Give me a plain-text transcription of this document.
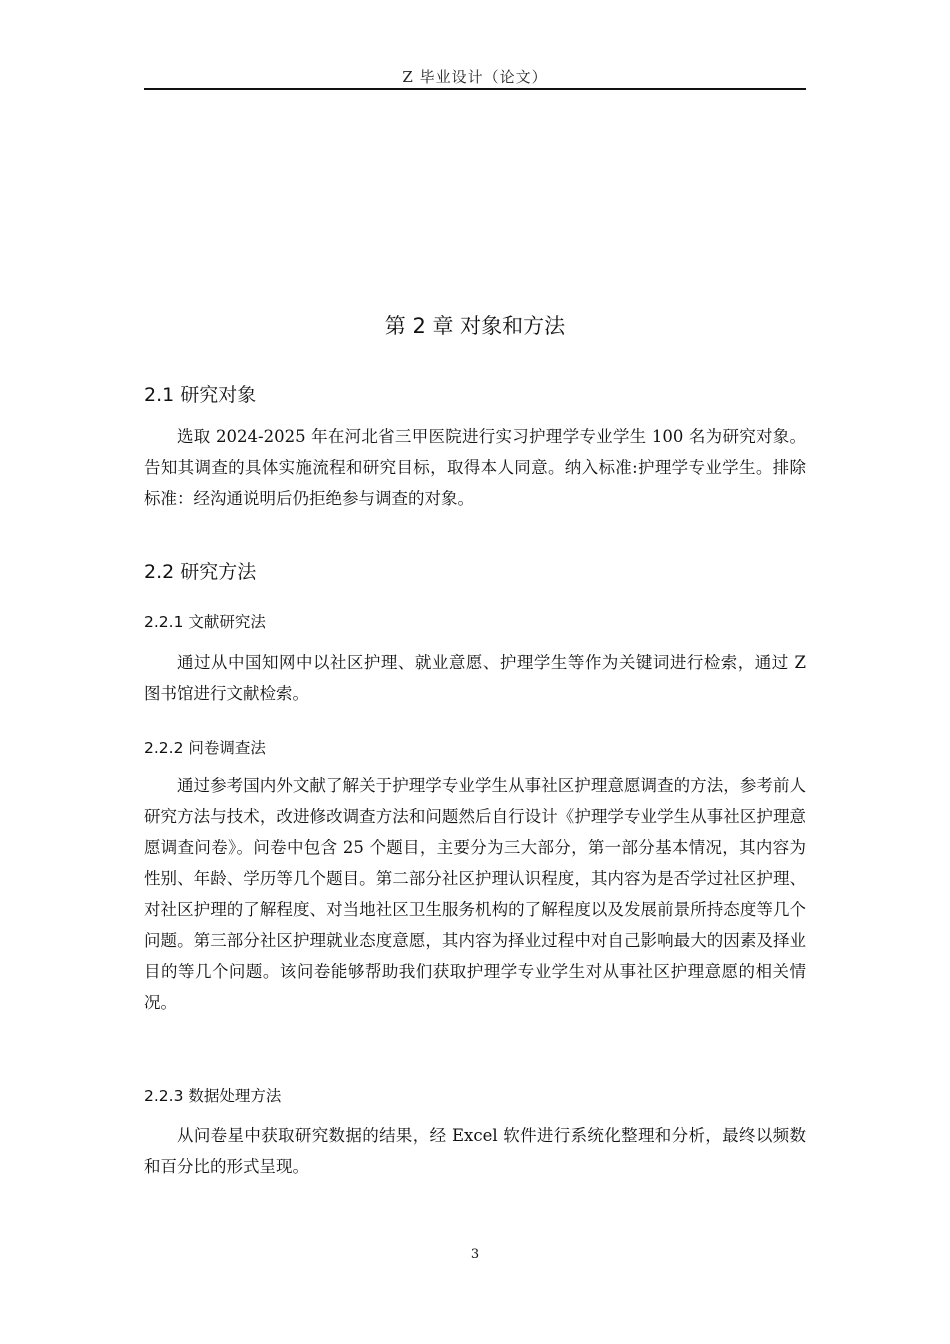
Z 毕业设计（论文）
第 2 章 对象和方法
2.1 研究对象
选取 2024-2025 年在河北省三甲医院进行实习护理学专业学生 100 名为研究对象。告知其调查的具体实施流程和研究目标，取得本人同意。纳入标准:护理学专业学生。排除标准：经沟通说明后仍拒绝参与调查的对象。
2.2 研究方法
2.2.1 文献研究法
通过从中国知网中以社区护理、就业意愿、护理学生等作为关键词进行检索，通过 Z 图书馆进行文献检索。
2.2.2 问卷调查法
通过参考国内外文献了解关于护理学专业学生从事社区护理意愿调查的方法，参考前人研究方法与技术，改进修改调查方法和问题然后自行设计《护理学专业学生从事社区护理意愿调查问卷》。问卷中包含 25 个题目，主要分为三大部分，第一部分基本情况，其内容为性别、年龄、学历等几个题目。第二部分社区护理认识程度，其内容为是否学过社区护理、对社区护理的了解程度、对当地社区卫生服务机构的了解程度以及发展前景所持态度等几个问题。第三部分社区护理就业态度意愿，其内容为择业过程中对自己影响最大的因素及择业目的等几个问题。该问卷能够帮助我们获取护理学专业学生对从事社区护理意愿的相关情况。
2.2.3 数据处理方法
从问卷星中获取研究数据的结果，经 Excel 软件进行系统化整理和分析，最终以频数和百分比的形式呈现。
3
